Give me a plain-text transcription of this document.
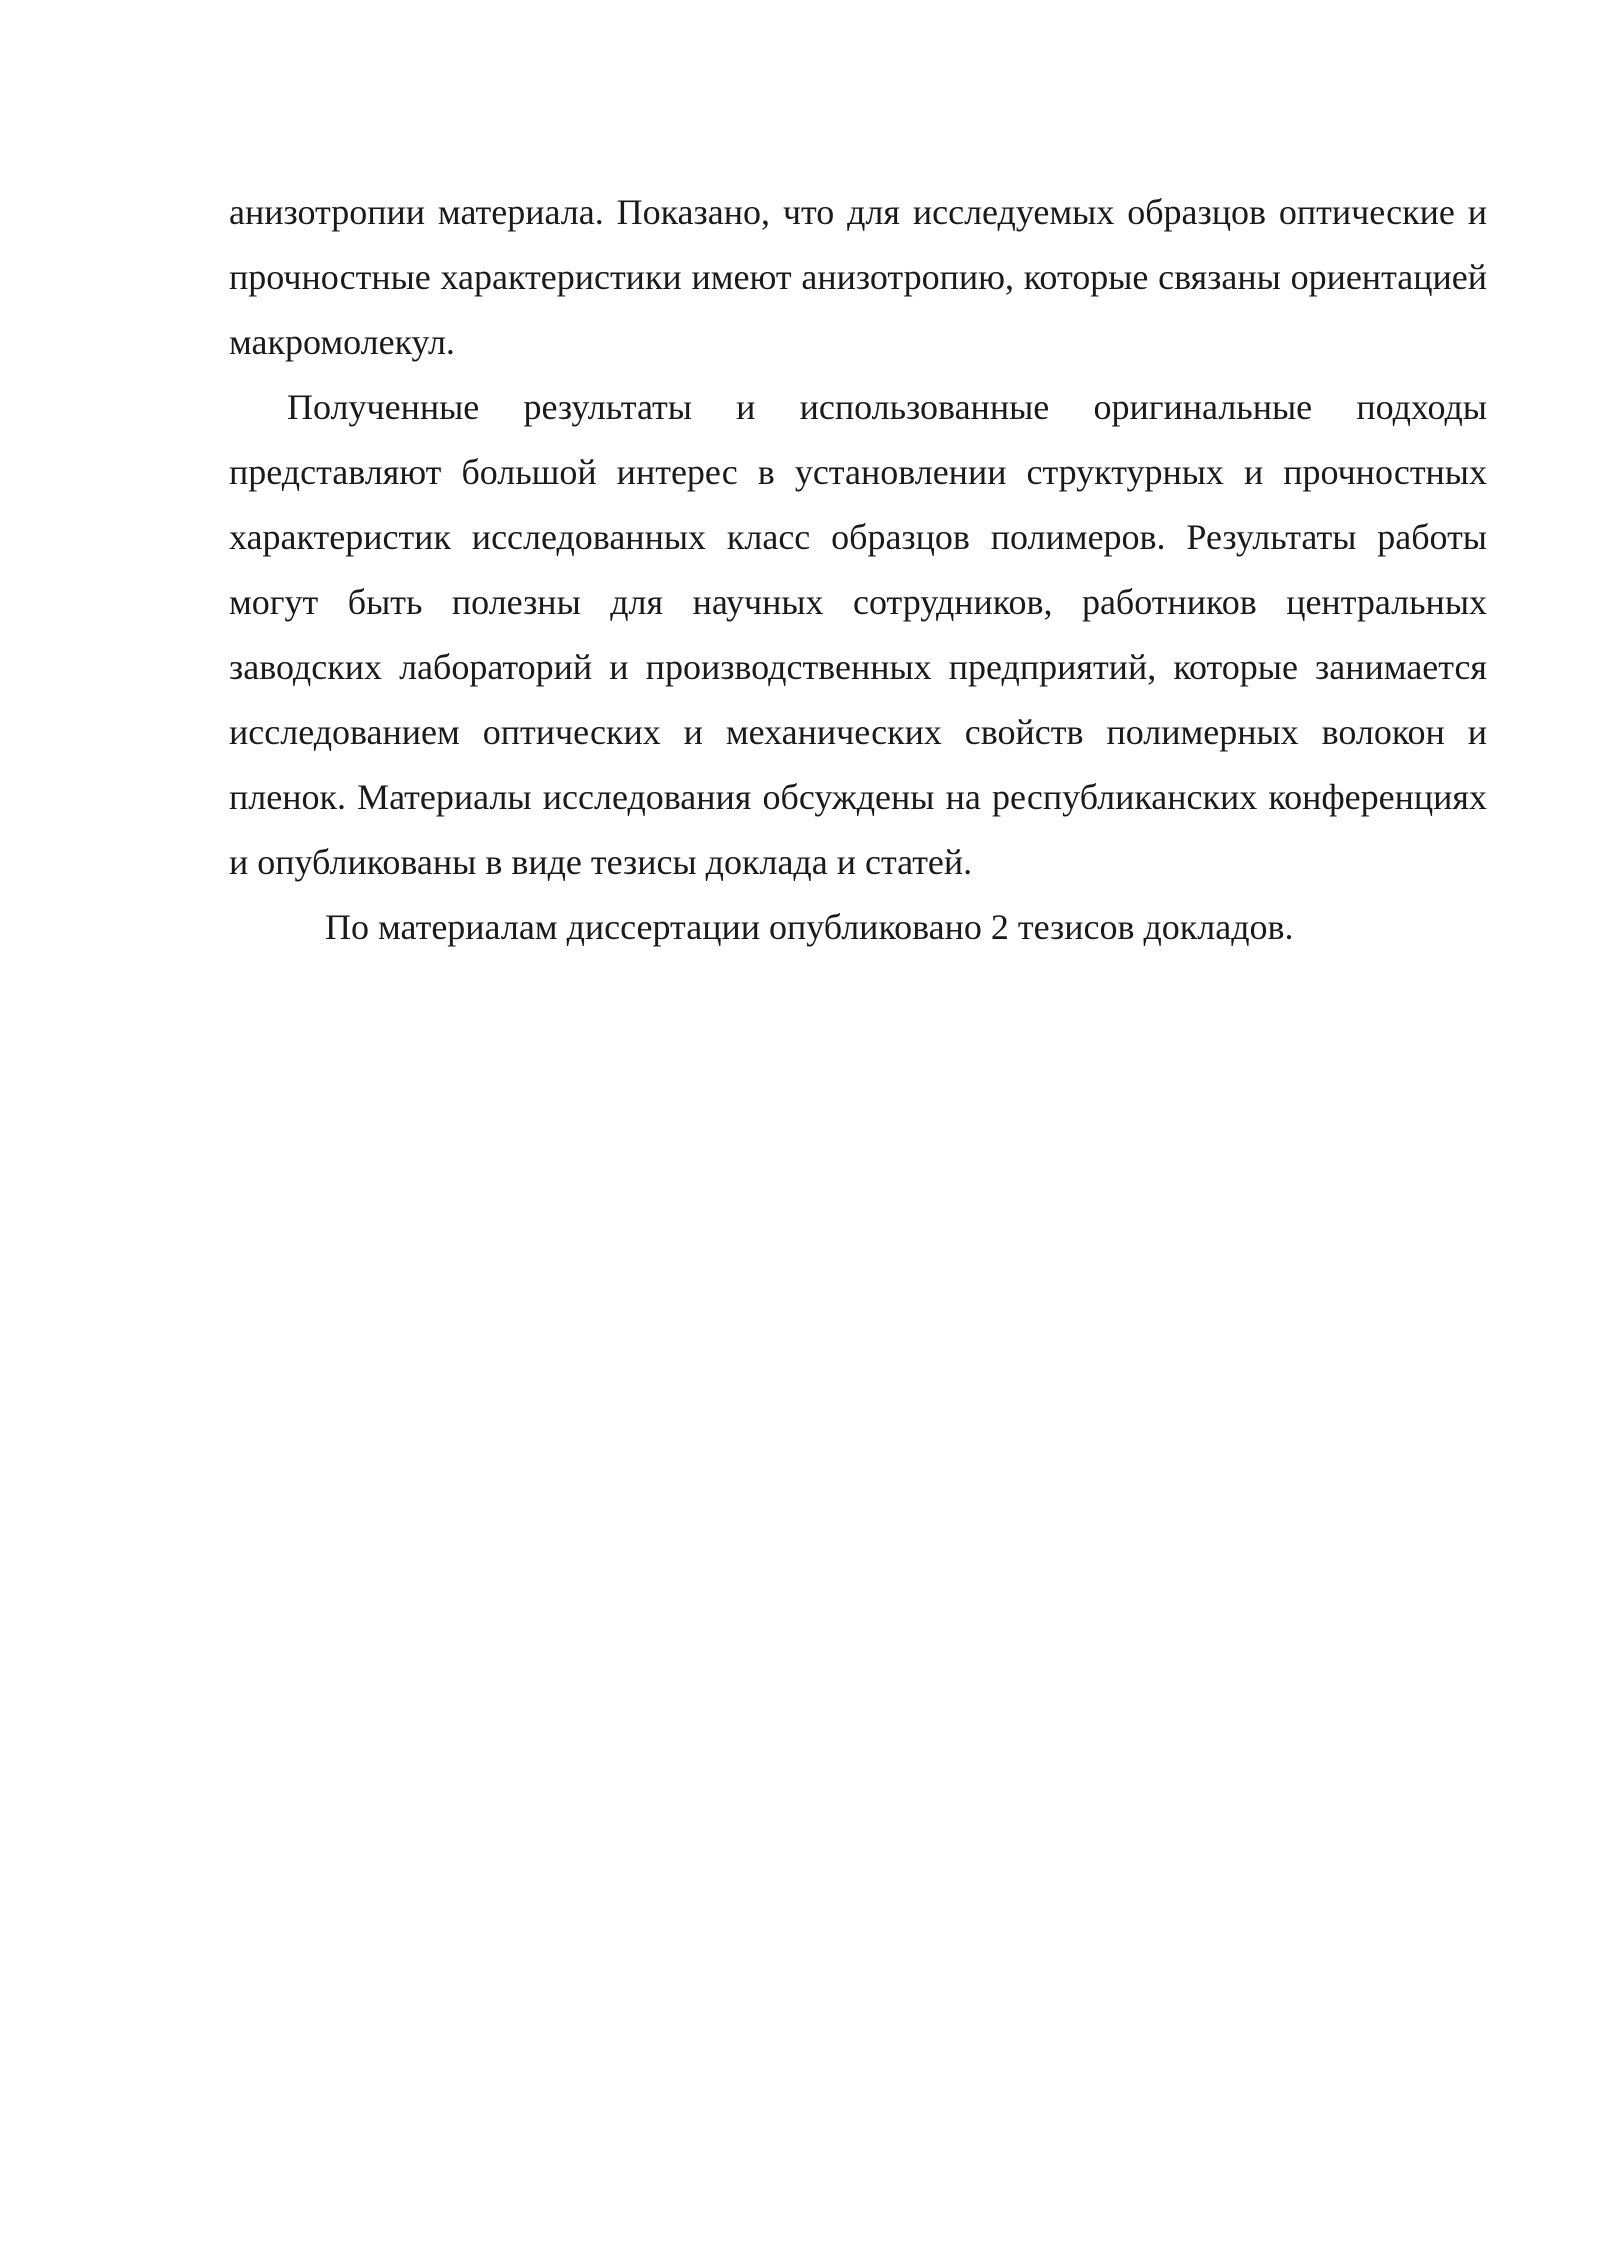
анизотропии материала. Показано, что для исследуемых образцов оптические и прочностные характеристики имеют анизотропию, которые связаны ориентацией макромолекул.

Полученные результаты и использованные оригинальные подходы представляют большой интерес в установлении структурных и прочностных характеристик исследованных класс образцов полимеров. Результаты работы могут быть полезны для научных сотрудников, работников центральных заводских лабораторий и производственных предприятий, которые занимается исследованием оптических и механических свойств полимерных волокон и пленок. Материалы исследования обсуждены на республиканских конференциях и опубликованы в виде тезисы доклада и статей.

По материалам диссертации опубликовано 2 тезисов докладов.
